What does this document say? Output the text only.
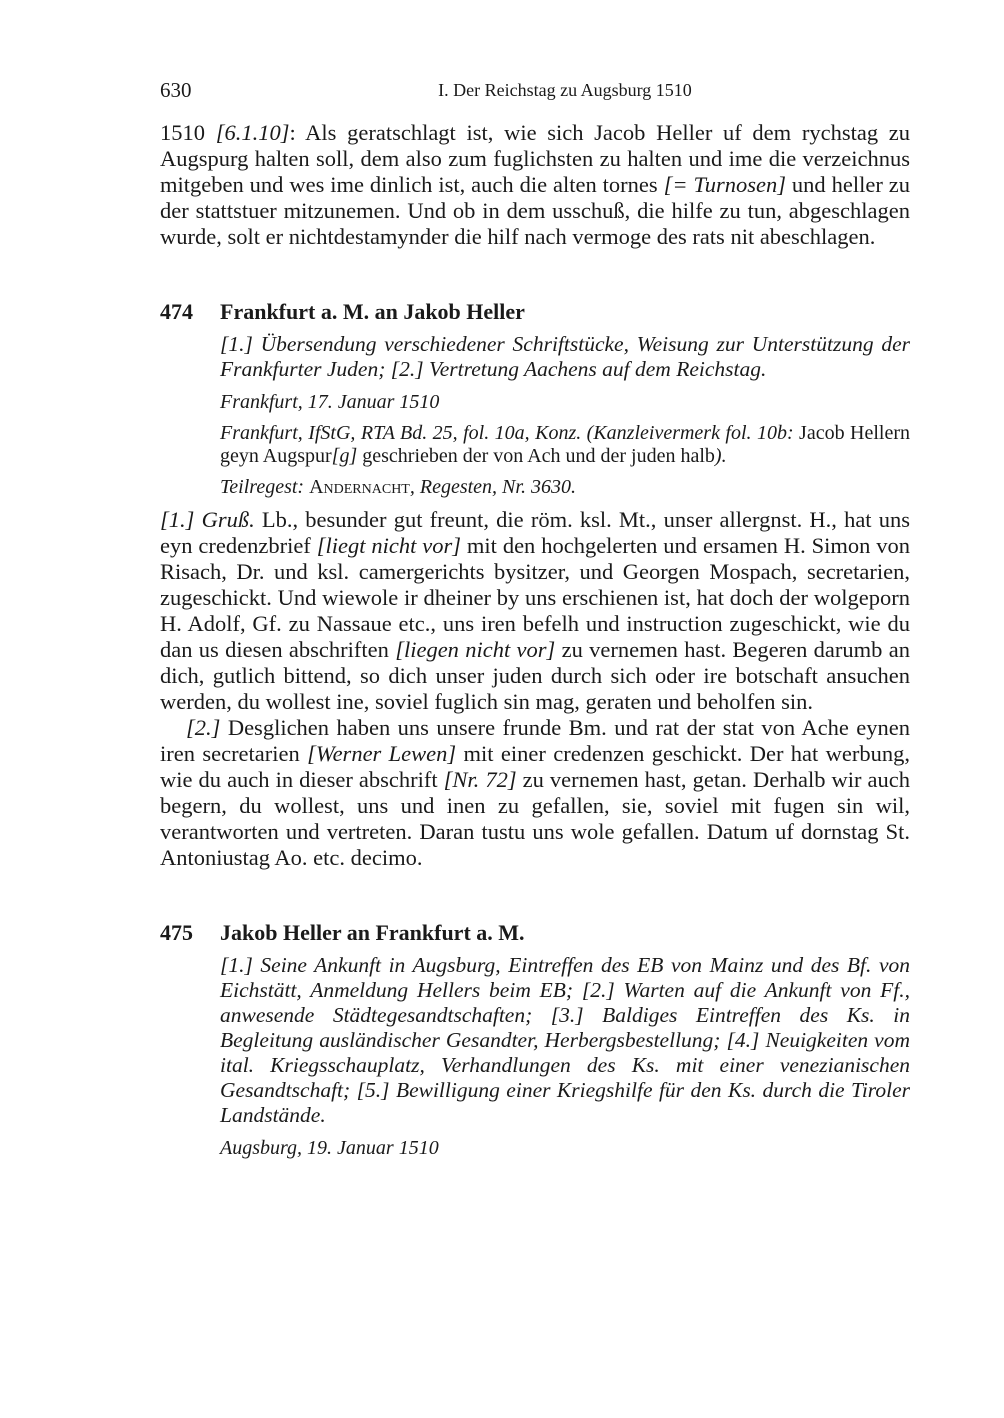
630	I. Der Reichstag zu Augsburg 1510

1510 [6.1.10]: Als geratschlagt ist, wie sich Jacob Heller uf dem rychstag zu Augspurg halten soll, dem also zum fuglichsten zu halten und ime die verzeichnus mitgeben und wes ime dinlich ist, auch die alten tornes [= Turnosen] und heller zu der stattstuer mitzunemen. Und ob in dem usschuß, die hilfe zu tun, abgeschlagen wurde, solt er nichtdestamynder die hilf nach vermoge des rats nit abeschlagen.

474 Frankfurt a. M. an Jakob Heller

[1.] Übersendung verschiedener Schriftstücke, Weisung zur Unterstützung der Frankfurter Juden; [2.] Vertretung Aachens auf dem Reichstag.

Frankfurt, 17. Januar 1510

Frankfurt, IfStG, RTA Bd. 25, fol. 10a, Konz. (Kanzleivermerk fol. 10b: Jacob Hellern geyn Augspur[g] geschrieben der von Ach und der juden halb).

Teilregest: Andernacht, Regesten, Nr. 3630.

[1.] Gruß. Lb., besunder gut freunt, die röm. ksl. Mt., unser allergnst. H., hat uns eyn credenzbrief [liegt nicht vor] mit den hochgelerten und ersamen H. Simon von Risach, Dr. und ksl. camergerichts bysitzer, und Georgen Mospach, secretarien, zugeschickt. Und wiewole ir dheiner by uns erschienen ist, hat doch der wolgeporn H. Adolf, Gf. zu Nassaue etc., uns iren befelh und instruction zugeschickt, wie du dan us diesen abschriften [liegen nicht vor] zu vernemen hast. Begeren darumb an dich, gutlich bittend, so dich unser juden durch sich oder ire botschaft ansuchen werden, du wollest ine, soviel fuglich sin mag, geraten und beholfen sin.

[2.] Desglichen haben uns unsere frunde Bm. und rat der stat von Ache eynen iren secretarien [Werner Lewen] mit einer credenzen geschickt. Der hat werbung, wie du auch in dieser abschrift [Nr. 72] zu vernemen hast, getan. Derhalb wir auch begern, du wollest, uns und inen zu gefallen, sie, soviel mit fugen sin wil, verantworten und vertreten. Daran tustu uns wole gefallen. Datum uf dornstag St. Antoniustag Ao. etc. decimo.

475 Jakob Heller an Frankfurt a. M.

[1.] Seine Ankunft in Augsburg, Eintreffen des EB von Mainz und des Bf. von Eichstätt, Anmeldung Hellers beim EB; [2.] Warten auf die Ankunft von Ff., anwesende Städtegesandtschaften; [3.] Baldiges Eintreffen des Ks. in Begleitung ausländischer Gesandter, Herbergsbestellung; [4.] Neuigkeiten vom ital. Kriegsschauplatz, Verhandlungen des Ks. mit einer venezianischen Gesandtschaft; [5.] Bewilligung einer Kriegshilfe für den Ks. durch die Tiroler Landstände.

Augsburg, 19. Januar 1510
